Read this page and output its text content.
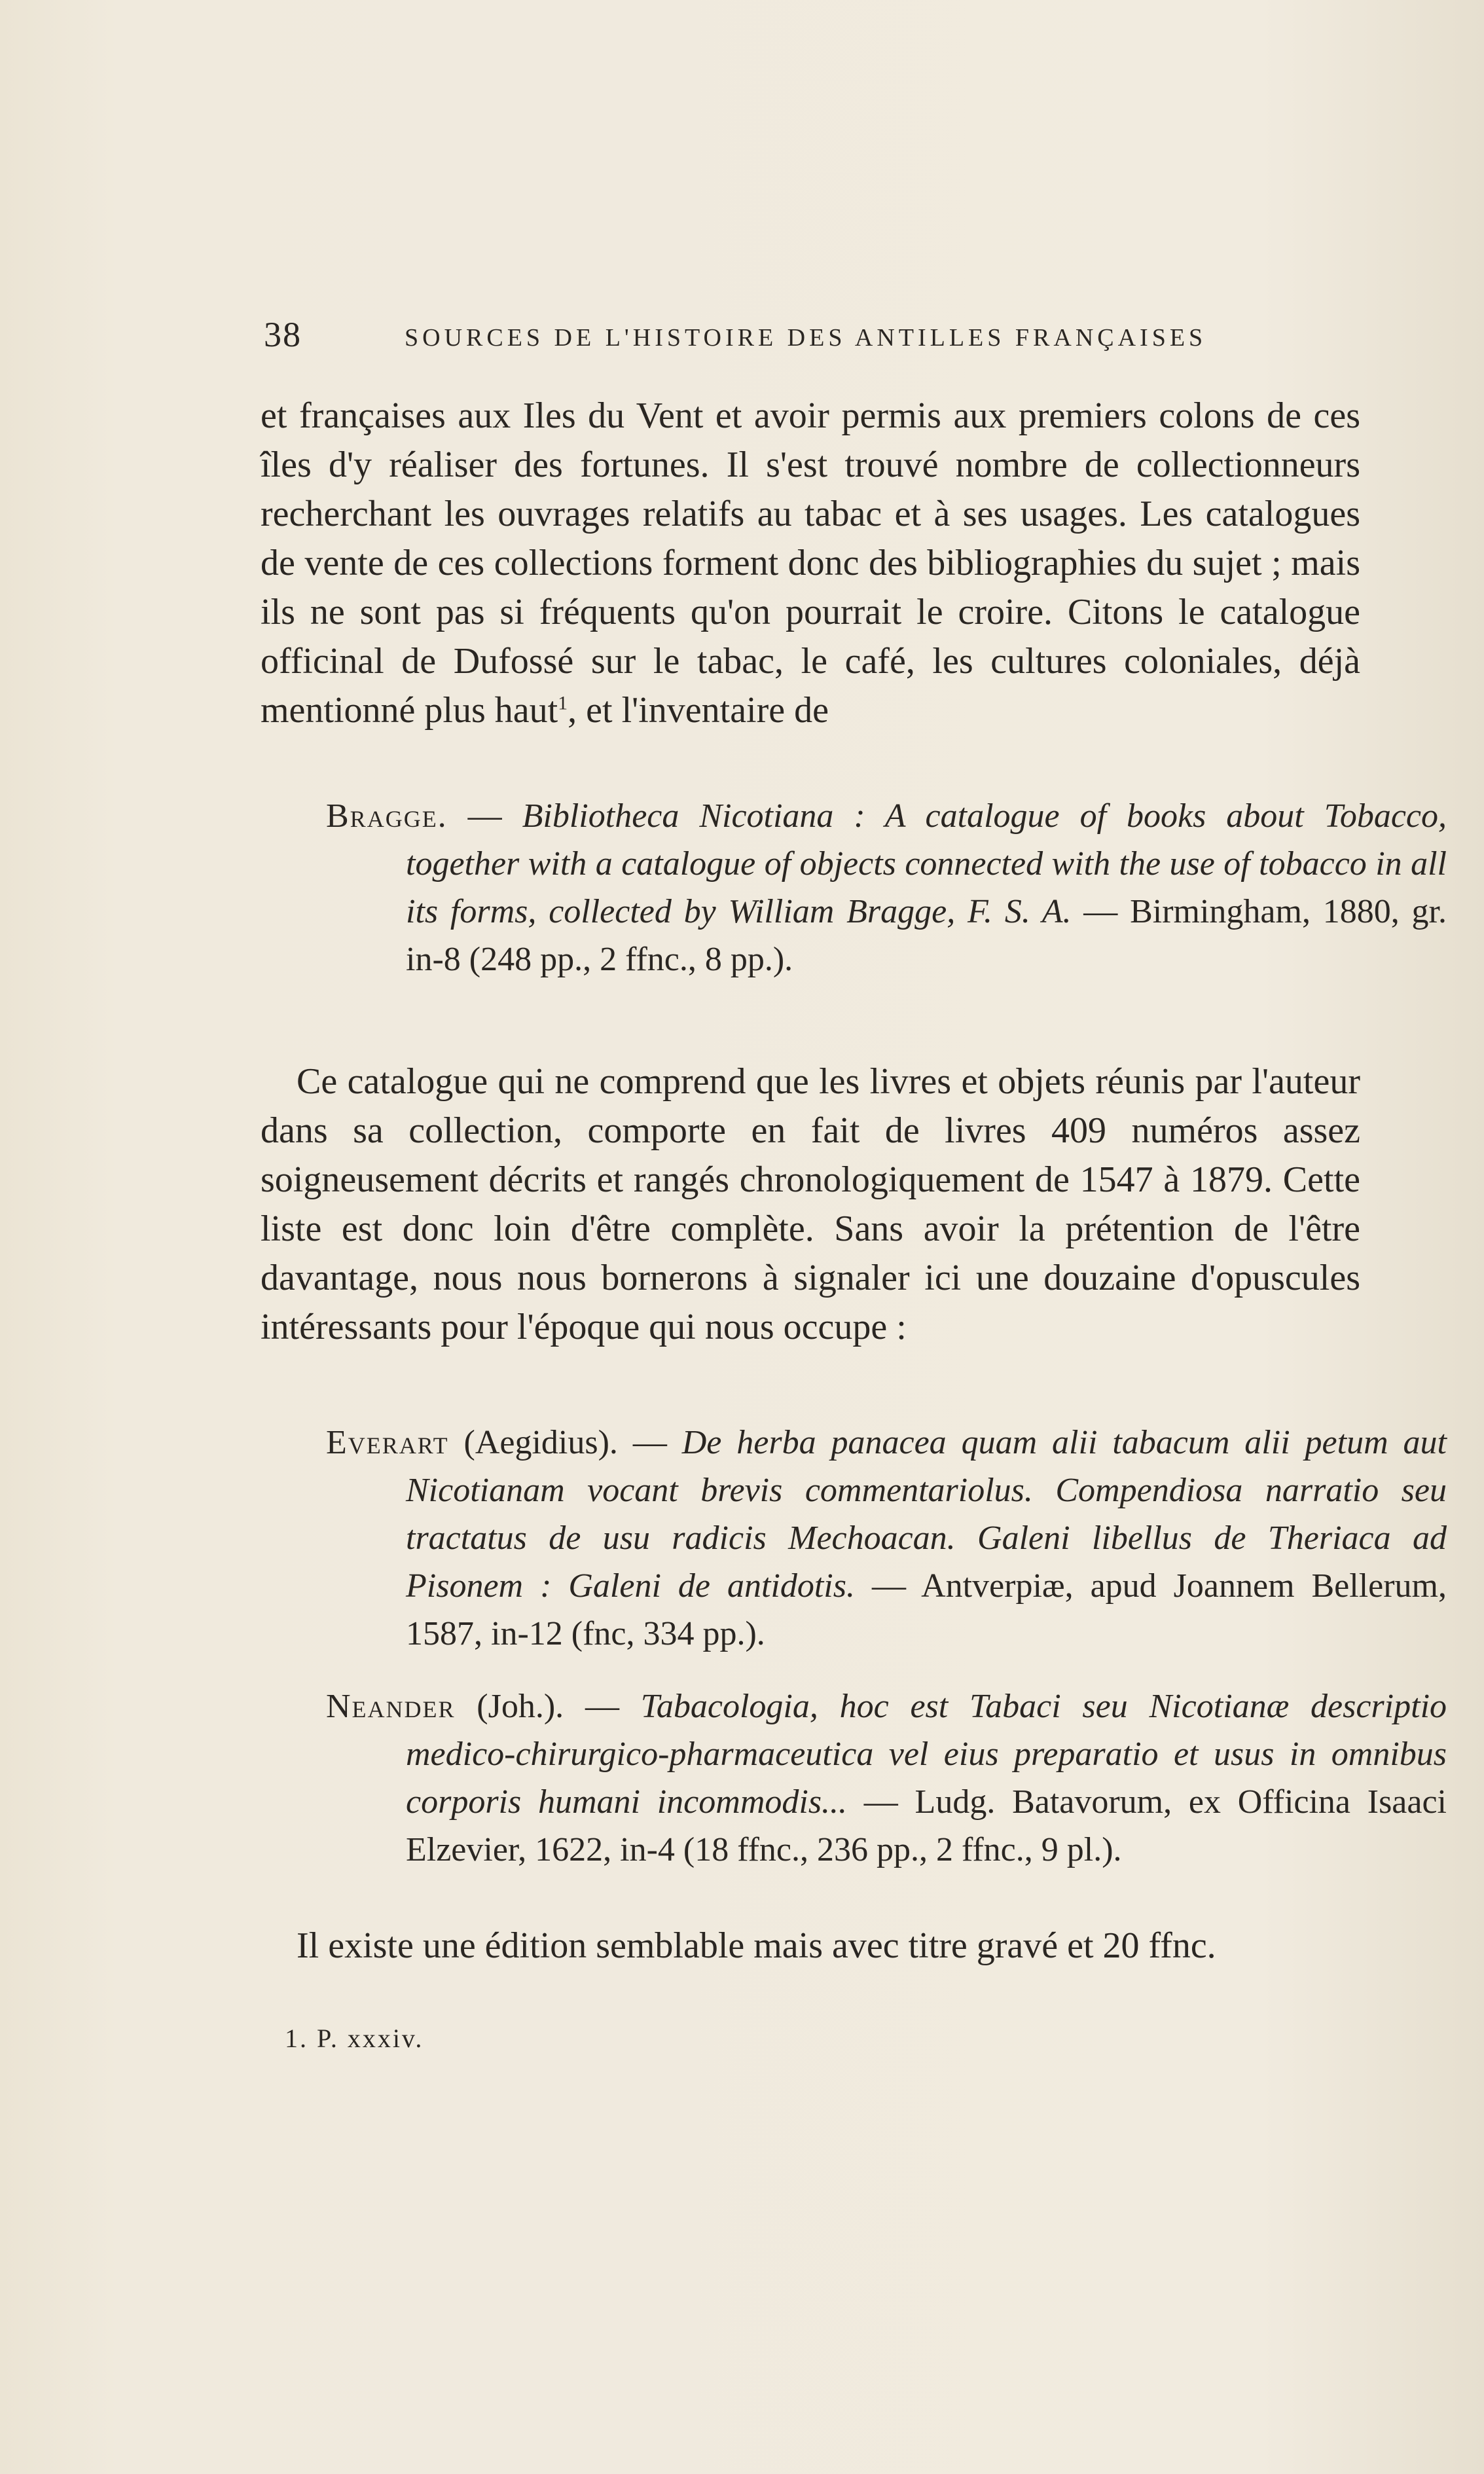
38	SOURCES DE L'HISTOIRE DES ANTILLES FRANÇAISES

et françaises aux Iles du Vent et avoir permis aux premiers colons de ces îles d'y réaliser des fortunes. Il s'est trouvé nombre de collectionneurs recherchant les ouvrages relatifs au tabac et à ses usages. Les catalogues de vente de ces collections forment donc des bibliographies du sujet ; mais ils ne sont pas si fréquents qu'on pourrait le croire. Citons le catalogue officinal de Dufossé sur le tabac, le café, les cultures coloniales, déjà mentionné plus haut$^1$, et l'inventaire de

Bragge. — Bibliotheca Nicotiana : A catalogue of books about Tobacco, together with a catalogue of objects connected with the use of tobacco in all its forms, collected by William Bragge, F. S. A. — Birmingham, 1880, gr. in-8 (248 pp., 2 ffnc., 8 pp.).

Ce catalogue qui ne comprend que les livres et objets réunis par l'auteur dans sa collection, comporte en fait de livres 409 numéros assez soigneusement décrits et rangés chronologiquement de 1547 à 1879. Cette liste est donc loin d'être complète. Sans avoir la prétention de l'être davantage, nous nous bornerons à signaler ici une douzaine d'opuscules intéressants pour l'époque qui nous occupe :

Everart (Aegidius). — De herba panacea quam alii tabacum alii petum aut Nicotianam vocant brevis commentariolus. Compendiosa narratio seu tractatus de usu radicis Mechoacan. Galeni libellus de Theriaca ad Pisonem : Galeni de antidotis. — Antverpiæ, apud Joannem Bellerum, 1587, in-12 (fnc, 334 pp.).

Neander (Joh.). — Tabacologia, hoc est Tabaci seu Nicotianæ descriptio medico-chirurgico-pharmaceutica vel eius preparatio et usus in omnibus corporis humani incommodis... — Ludg. Batavorum, ex Officina Isaaci Elzevier, 1622, in-4 (18 ffnc., 236 pp., 2 ffnc., 9 pl.).

Il existe une édition semblable mais avec titre gravé et 20 ffnc.

1. P. xxxiv.
